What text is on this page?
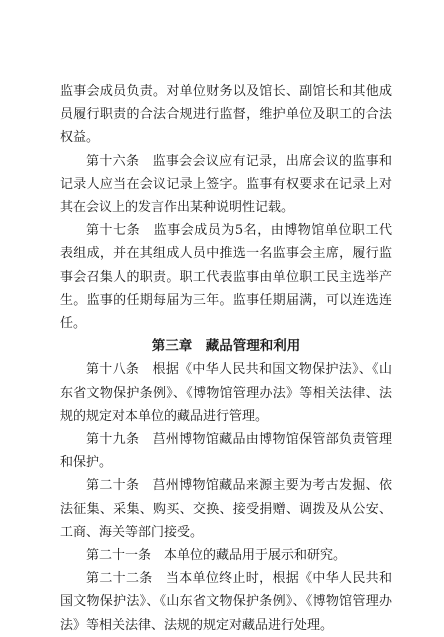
监事会成员负责。对单位财务以及馆长、副馆长和其他成员履行职责的合法合规进行监督，维护单位及职工的合法权益。

第十六条　监事会会议应有记录，出席会议的监事和记录人应当在会议记录上签字。监事有权要求在记录上对其在会议上的发言作出某种说明性记载。

第十七条　监事会成员为5名，由博物馆单位职工代表组成，并在其组成人员中推选一名监事会主席，履行监事会召集人的职责。职工代表监事由单位职工民主选举产生。监事的任期每届为三年。监事任期届满，可以连选连任。

第三章　藏品管理和利用

第十八条　根据《中华人民共和国文物保护法》、《山东省文物保护条例》、《博物馆管理办法》等相关法律、法规的规定对本单位的藏品进行管理。

第十九条　莒州博物馆藏品由博物馆保管部负责管理和保护。

第二十条　莒州博物馆藏品来源主要为考古发掘、依法征集、采集、购买、交换、接受捐赠、调拨及从公安、工商、海关等部门接受。

第二十一条　本单位的藏品用于展示和研究。

第二十二条　当本单位终止时，根据《中华人民共和国文物保护法》、《山东省文物保护条例》、《博物馆管理办法》等相关法律、法规的规定对藏品进行处理。
